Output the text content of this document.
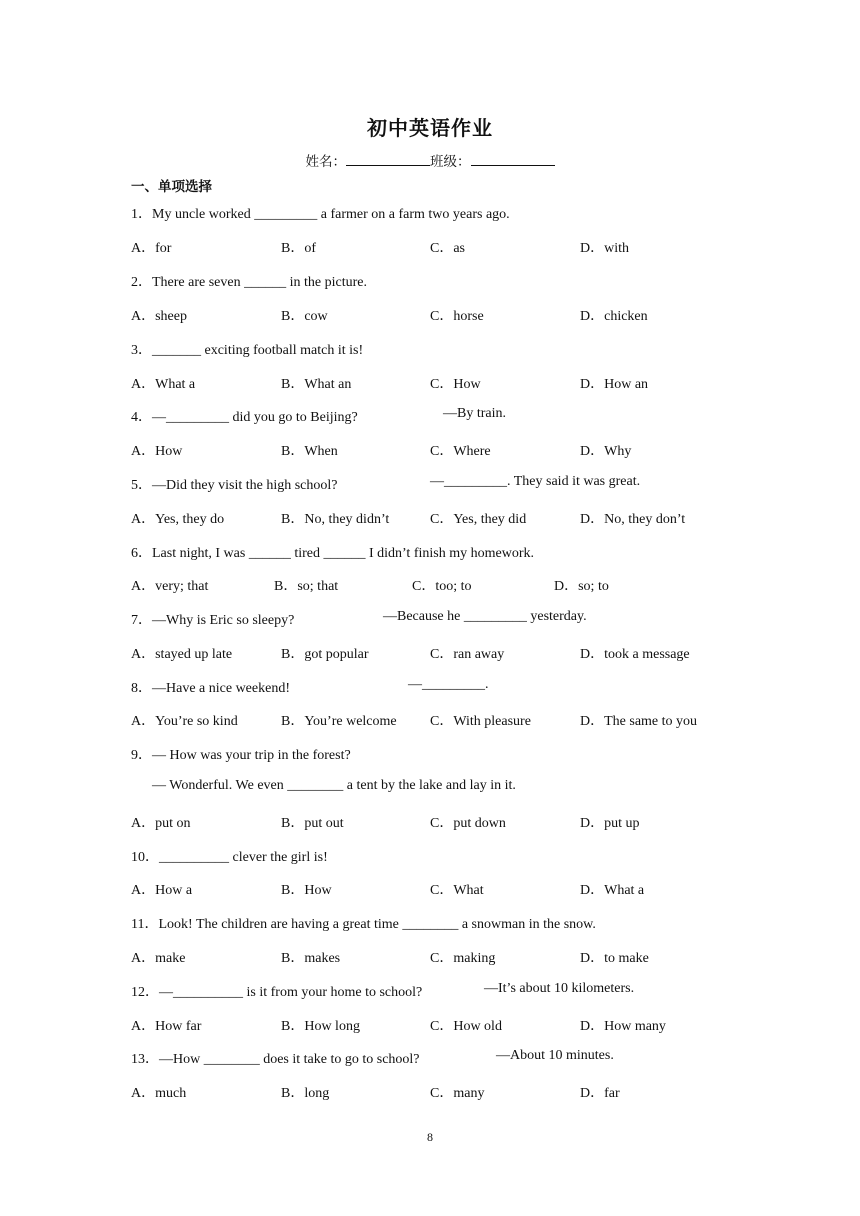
初中英语作业
姓名：	班级：
一、单项选择
1．My uncle worked _________ a farmer on a farm two years ago.
A．for	B．of	C．as	D．with
2．There are seven ______ in the picture.
A．sheep	B．cow	C．horse	D．chicken
3．_______ exciting football match it is!
A．What a	B．What an	C．How	D．How an
4．—_________ did you go to Beijing?	—By train.
A．How	B．When	C．Where	D．Why
5．—Did they visit the high school?	—_________. They said it was great.
A．Yes, they do	B．No, they didn’t	C．Yes, they did	D．No, they don’t
6．Last night, I was ______ tired ______ I didn’t finish my homework.
A．very; that	B．so; that	C．too; to	D．so; to
7．—Why is Eric so sleepy?	—Because he _________ yesterday.
A．stayed up late	B．got popular	C．ran away	D．took a message
8．—Have a nice weekend!	—_________.
A．You’re so kind	B．You’re welcome C．With pleasure	D．The same to you
9．— How was your trip in the forest?
— Wonderful. We even ________ a tent by the lake and lay in it.
A．put on	B．put out	C．put down	D．put up
10．__________ clever the girl is!
A．How a	B．How	C．What	D．What a
11．Look! The children are having a great time ________ a snowman in the snow.
A．make	B．makes	C．making	D．to make
12．—__________ is it from your home to school?	—It’s about 10 kilometers.
A．How far	B．How long	C．How old	D．How many
13．—How ________ does it take to go to school?	—About 10 minutes.
A．much	B．long	C．many	D．far
8
